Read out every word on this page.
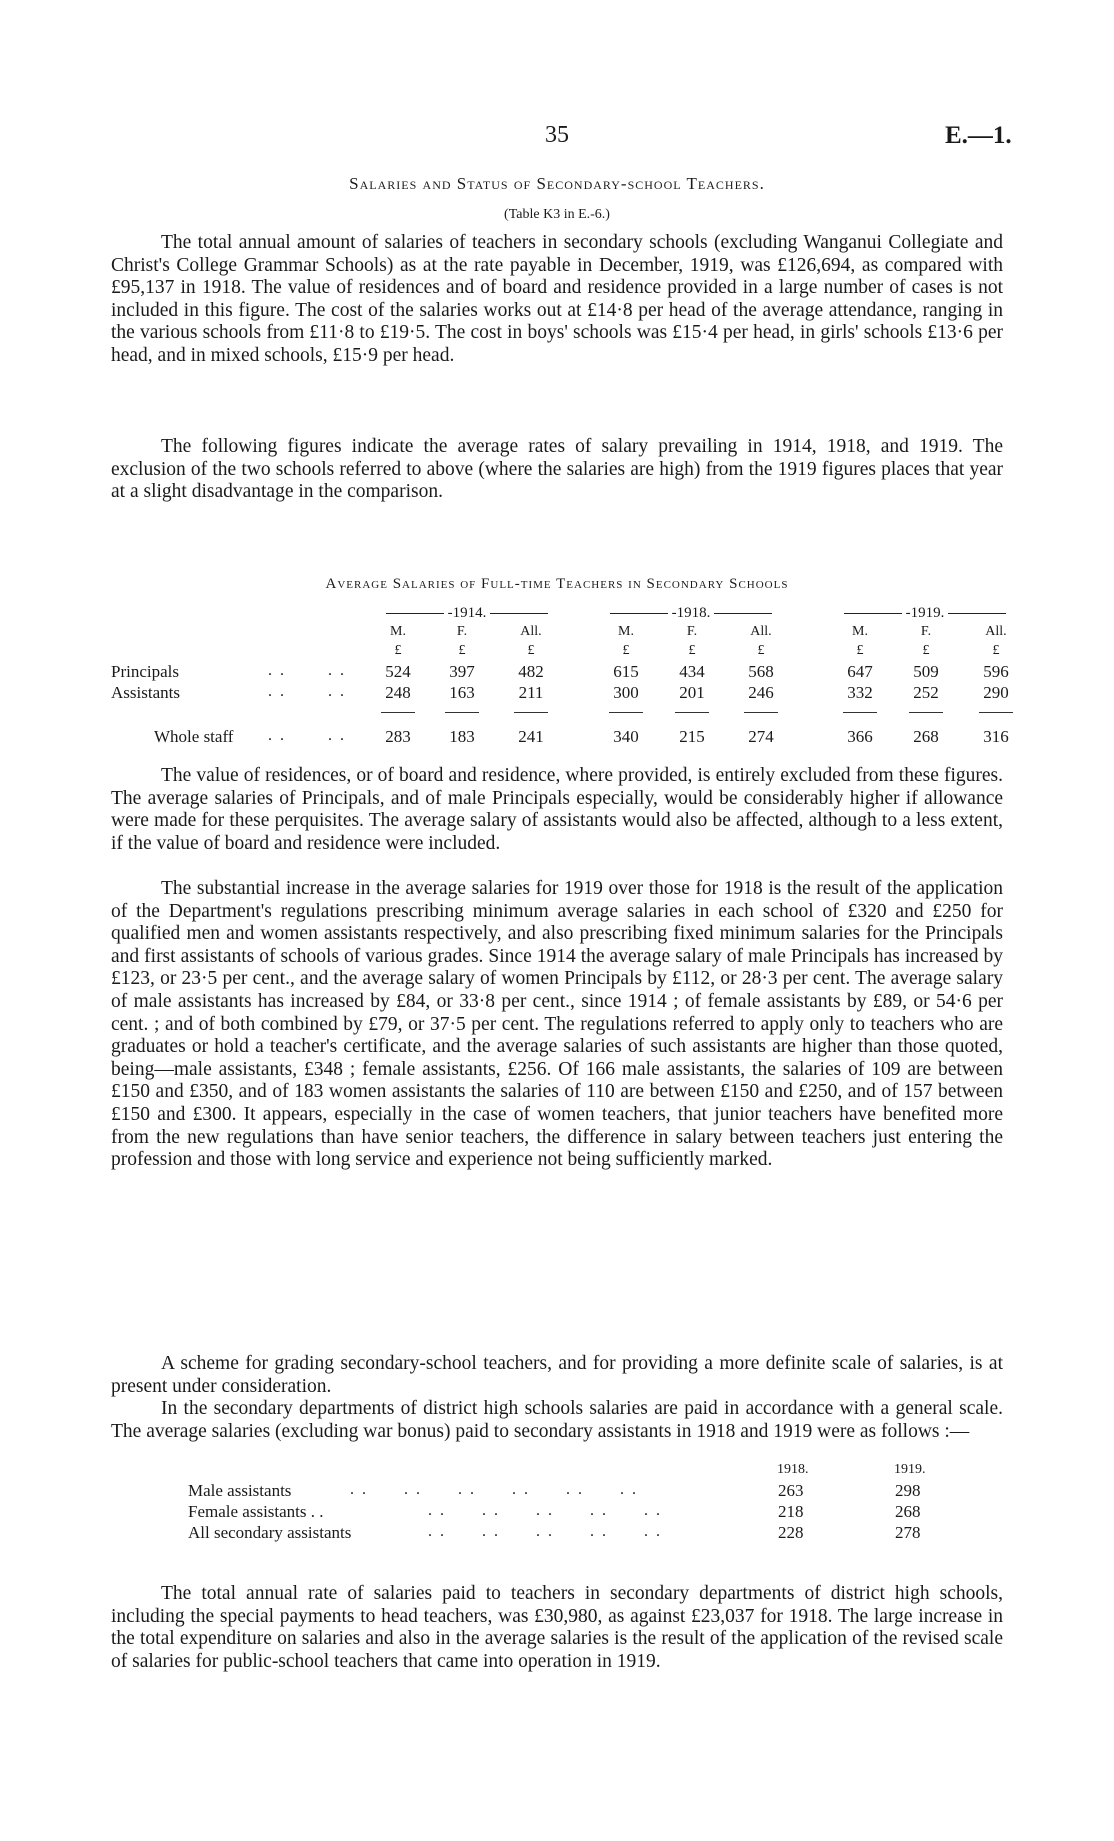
35	E.—1.
Salaries and Status of Secondary-school Teachers.
(Table K3 in E.-6.)

The total annual amount of salaries of teachers in secondary schools (excluding Wanganui Collegiate and Christ's College Grammar Schools) as at the rate payable in December, 1919, was £126,694, as compared with £95,137 in 1918. The value of residences and of board and residence provided in a large number of cases is not included in this figure. The cost of the salaries works out at £14·8 per head of the average attendance, ranging in the various schools from £11·8 to £19·5. The cost in boys' schools was £15·4 per head, in girls' schools £13·6 per head, and in mixed schools, £15·9 per head.

The following figures indicate the average rates of salary prevailing in 1914, 1918, and 1919. The exclusion of the two schools referred to above (where the salaries are high) from the 1919 figures places that year at a slight disadvantage in the comparison.

Average Salaries of Full-time Teachers in Secondary Schools
-1914.	-1918.	-1919.
M.	F.	All.	M.	F.	All.	M.	F.	All.
£	£	£	£	£	£	£	£	£
Principals	. .       . .	524	397	482	615	434	568	647	509	596
Assistants	. .       . .	248	163	211	300	201	246	332	252	290
Whole staff . .       . .	283	183	241	340	215	274	366	268	316

The value of residences, or of board and residence, where provided, is entirely excluded from these figures. The average salaries of Principals, and of male Principals especially, would be considerably higher if allowance were made for these perquisites. The average salary of assistants would also be affected, although to a less extent, if the value of board and residence were included.

The substantial increase in the average salaries for 1919 over those for 1918 is the result of the application of the Department's regulations prescribing minimum average salaries in each school of £320 and £250 for qualified men and women assistants respectively, and also prescribing fixed minimum salaries for the Principals and first assistants of schools of various grades. Since 1914 the average salary of male Principals has increased by £123, or 23·5 per cent., and the average salary of women Principals by £112, or 28·3 per cent. The average salary of male assistants has increased by £84, or 33·8 per cent., since 1914 ; of female assistants by £89, or 54·6 per cent. ; and of both combined by £79, or 37·5 per cent. The regulations referred to apply only to teachers who are graduates or hold a teacher's certificate, and the average salaries of such assistants are higher than those quoted, being—male assistants, £348 ; female assistants, £256. Of 166 male assistants, the salaries of 109 are between £150 and £350, and of 183 women assistants the salaries of 110 are between £150 and £250, and of 157 between £150 and £300. It appears, especially in the case of women teachers, that junior teachers have benefited more from the new regulations than have senior teachers, the difference in salary between teachers just entering the profession and those with long service and experience not being sufficiently marked.

A scheme for grading secondary-school teachers, and for providing a more definite scale of salaries, is at present under consideration.

In the secondary departments of district high schools salaries are paid in accordance with a general scale. The average salaries (excluding war bonus) paid to secondary assistants in 1918 and 1919 were as follows :—

1918.	1919.
Male assistants	. .      . .      . .      . .      . .      . .	263	298
Female assistants . .	. .      . .      . .      . .      . .	218	268
All secondary assistants	. .      . .      . .      . .      . .	228	278

The total annual rate of salaries paid to teachers in secondary departments of district high schools, including the special payments to head teachers, was £30,980, as against £23,037 for 1918. The large increase in the total expenditure on salaries and also in the average salaries is the result of the application of the revised scale of salaries for public-school teachers that came into operation in 1919.
